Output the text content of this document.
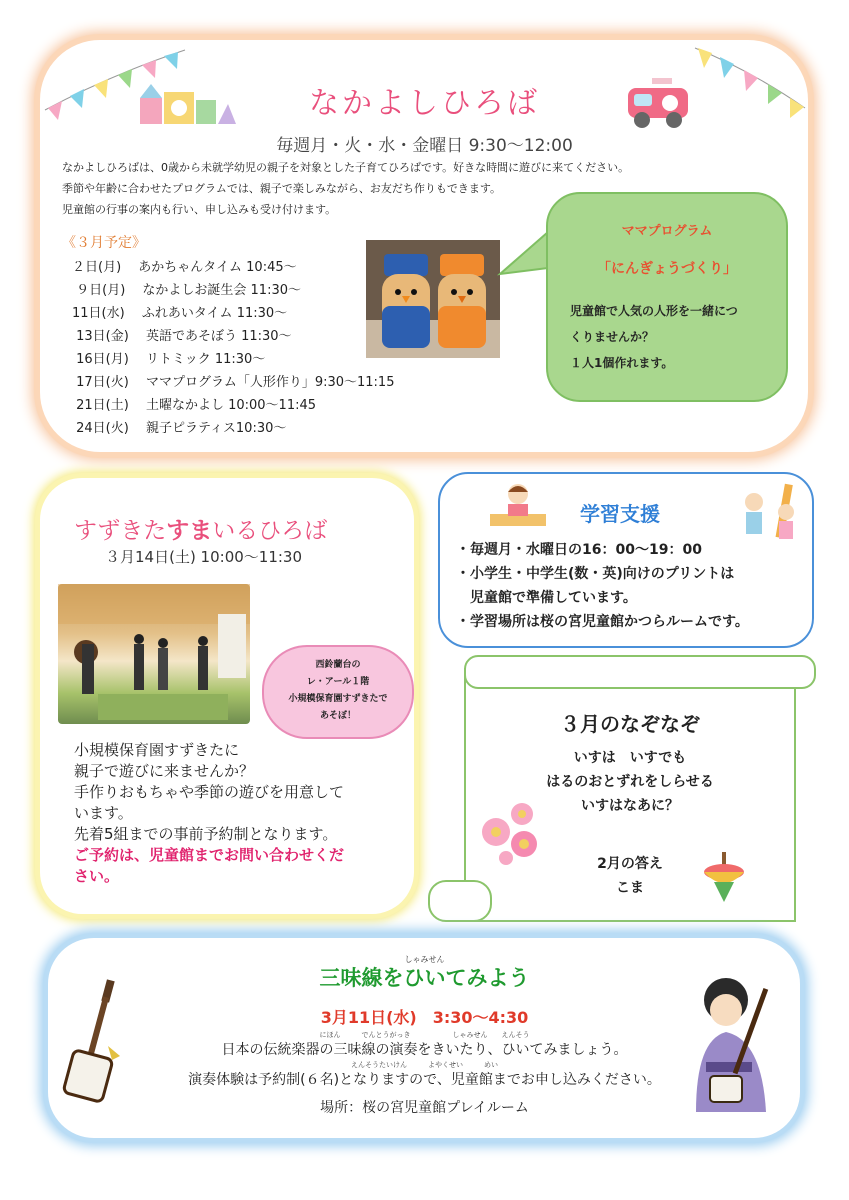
なかよしひろば
毎週月・火・水・金曜日 9:30～12:00
なかよしひろばは、0歳から未就学幼児の親子を対象とした子育てひろばです。好きな時間に遊びに来てください。
季節や年齢に合わせたプログラムでは、親子で楽しみながら、お友だち作りもできます。
児童館の行事の案内も行い、申し込みも受け付けます。
《３月予定》
２日(月)　 あかちゃんタイム 10:45～
９日(月)　 なかよしお誕生会 11:30～
11日(水)　 ふれあいタイム 11:30～
13日(金)　 英語であそぼう 11:30～
16日(月)　 リトミック 11:30～
17日(火)　 ママプログラム「人形作り」9:30～11:15
21日(土)　 土曜なかよし 10:00～11:45
24日(火)　 親子ピラティス10:30～
ママプログラム
「にんぎょうづくり」
児童館で人気の人形を一緒につ
くりませんか？
１人1個作れます。
すずきたすまいるひろば
３月14日(土) 10:00～11:30
西鈴蘭台の
レ・アール１階
小規模保育園すずきたで
あそぼ！
小規模保育園すずきたに
親子で遊びに来ませんか？
手作りおもちゃや季節の遊びを用意して
います。
先着5組までの事前予約制となります。
ご予約は、児童館までお問い合わせくだ
さい。
学習支援
・毎週月・水曜日の16：00～19：00
・小学生・中学生(数・英)向けのプリントは
　児童館で準備しています。
・学習場所は桜の宮児童館かつらルームです。
３月のなぞなぞ
いすは　いすでも
はるのおとずれをしらせる
いすはなあに？
2月の答え
こま
しゃみせん
三味線をひいてみよう
3月11日(水)　3:30～4:30
にほん　　　でんとうがっき　　　　　　しゃみせん　　えんそう
日本の伝統楽器の三味線の演奏をきいたり、ひいてみましょう。
えんそうたいけん　　　よやくせい　　　めい
演奏体験は予約制(６名)となりますので、児童館までお申し込みください。
場所：桜の宮児童館プレイルーム
